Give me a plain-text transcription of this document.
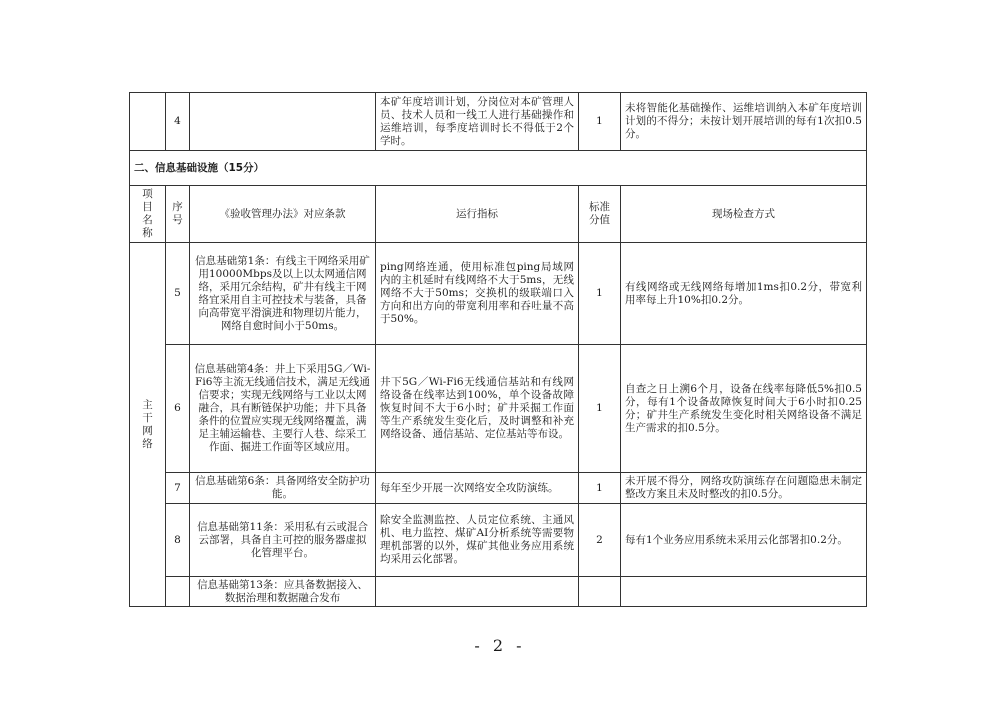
	4		本矿年度培训计划，分岗位对本矿管理人员、技术人员和一线工人进行基础操作和运维培训，每季度培训时长不得低于2个学时。	1	未将智能化基础操作、运维培训纳入本矿年度培训计划的不得分；未按计划开展培训的每有1次扣0.5分。
二、信息基础设施（15分）					
项目名称	序号	《验收管理办法》对应条款	运行指标	标准分值	现场检查方式
主干网络	5	信息基础第1条：有线主干网络采用矿用10000Mbps及以上以太网通信网络，采用冗余结构，矿井有线主干网络宜采用自主可控技术与装备，具备向高带宽平滑演进和物理切片能力，网络自愈时间小于50ms。	ping网络连通，使用标准包ping局域网内的主机延时有线网络不大于5ms，无线网络不大于50ms；交换机的级联端口入方向和出方向的带宽利用率和吞吐量不高于50%。	1	有线网络或无线网络每增加1ms扣0.2分，带宽利用率每上升10%扣0.2分。
	6	信息基础第4条：井上下采用5G／Wi-Fi6等主流无线通信技术，满足无线通信要求；实现无线网络与工业以太网融合，具有断链保护功能；井下具备条件的位置应实现无线网络覆盖，满足主辅运输巷、主要行人巷、综采工作面、掘进工作面等区域应用。	井下5G／Wi-Fi6无线通信基站和有线网络设备在线率达到100%，单个设备故障恢复时间不大于6小时；矿井采掘工作面等生产系统发生变化后，及时调整和补充网络设备、通信基站、定位基站等布设。	1	自查之日上溯6个月，设备在线率每降低5%扣0.5分，每有1个设备故障恢复时间大于6小时扣0.25分；矿井生产系统发生变化时相关网络设备不满足生产需求的扣0.5分。
	7	信息基础第6条：具备网络安全防护功能。	每年至少开展一次网络安全攻防演练。	1	未开展不得分，网络攻防演练存在问题隐患未制定整改方案且未及时整改的扣0.5分。
	8	信息基础第11条：采用私有云或混合云部署，具备自主可控的服务器虚拟化管理平台。	除安全监测监控、人员定位系统、主通风机、电力监控、煤矿AI分析系统等需要物理机部署的以外，煤矿其他业务应用系统均采用云化部署。	2	每有1个业务应用系统未采用云化部署扣0.2分。
		信息基础第13条：应具备数据接入、数据治理和数据融合发布			
- 2 -
